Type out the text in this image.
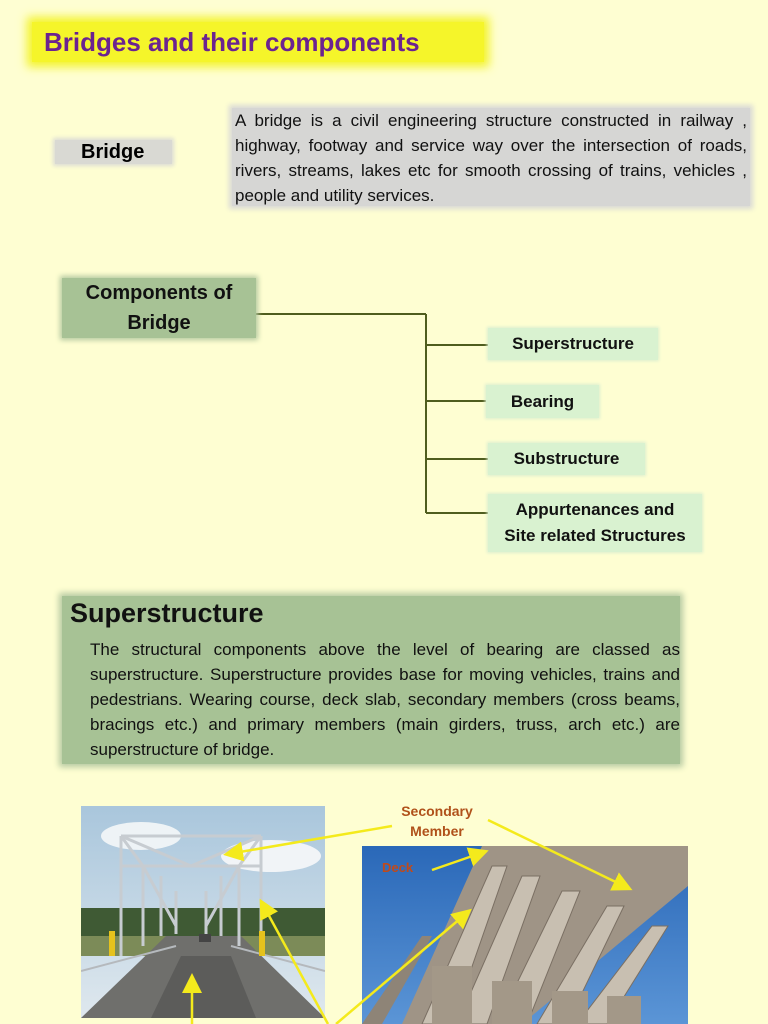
Bridges and their components
Bridge
A bridge is a civil engineering structure constructed in railway , highway, footway and service way over the intersection of roads, rivers, streams, lakes etc for smooth crossing of trains, vehicles , people and utility services.
Components of
Bridge
Superstructure
Bearing
Substructure
Appurtenances and
Site related Structures
Superstructure
The structural components above the level of bearing are classed as superstructure. Superstructure provides base for moving vehicles, trains and pedestrians. Wearing course, deck slab, secondary members (cross beams, bracings etc.) and primary members (main girders, truss, arch etc.) are superstructure of bridge.
Secondary
Member
Deck
